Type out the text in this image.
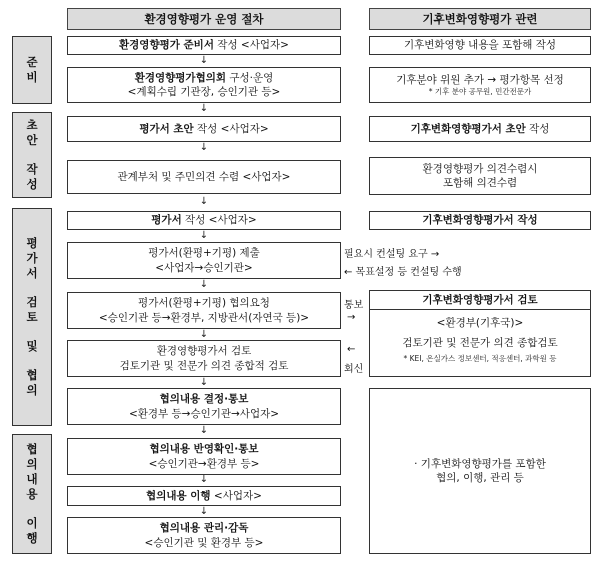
환경영향평가 운영 절차	기후변화영향평가 관련
준
비
초
안
작
성
평
가
서
검
토
및
협
의
협
의
내
용
이
행
환경영향평가 준비서 작성 <사업자>
↓
환경영향평가협의회 구성·운영
<계획수립 기관장, 승인기관 등>
↓
평가서 초안 작성 <사업자>
↓
관계부처 및 주민의견 수렴 <사업자>
↓
평가서 작성 <사업자>
↓
평가서(환평+기평) 제출
<사업자→승인기관>
↓
평가서(환평+기평) 협의요청
<승인기관 등→환경부, 지방관서(자연국 등)>
↓
환경영향평가서 검토
검토기관 및 전문가 의견 종합적 검토
↓
협의내용 결정·통보
<환경부 등→승인기관→사업자>
↓
협의내용 반영확인·통보
<승인기관→환경부 등>
↓
협의내용 이행 <사업자>
↓
협의내용 관리·감독
<승인기관 및 환경부 등>
기후변화영향 내용을 포함해 작성
기후분야 위원 추가 → 평가항목 선정
* 기후 분야 공무원, 민간전문가
기후변화영향평가서 초안 작성
환경영향평가 의견수렴시
포함해 의견수렴
기후변화영향평가서 작성
기후변화영향평가서 검토
<환경부(기후국)>
검토기관 및 전문가 의견 종합검토
* KEI, 온실가스 정보센터, 적응센터, 과학원 등
· 기후변화영향평가를 포함한
협의, 이행, 관리 등
필요시 컨설팅 요구 →
← 목표설정 등 컨설팅 수행
통보
→
←
회신
